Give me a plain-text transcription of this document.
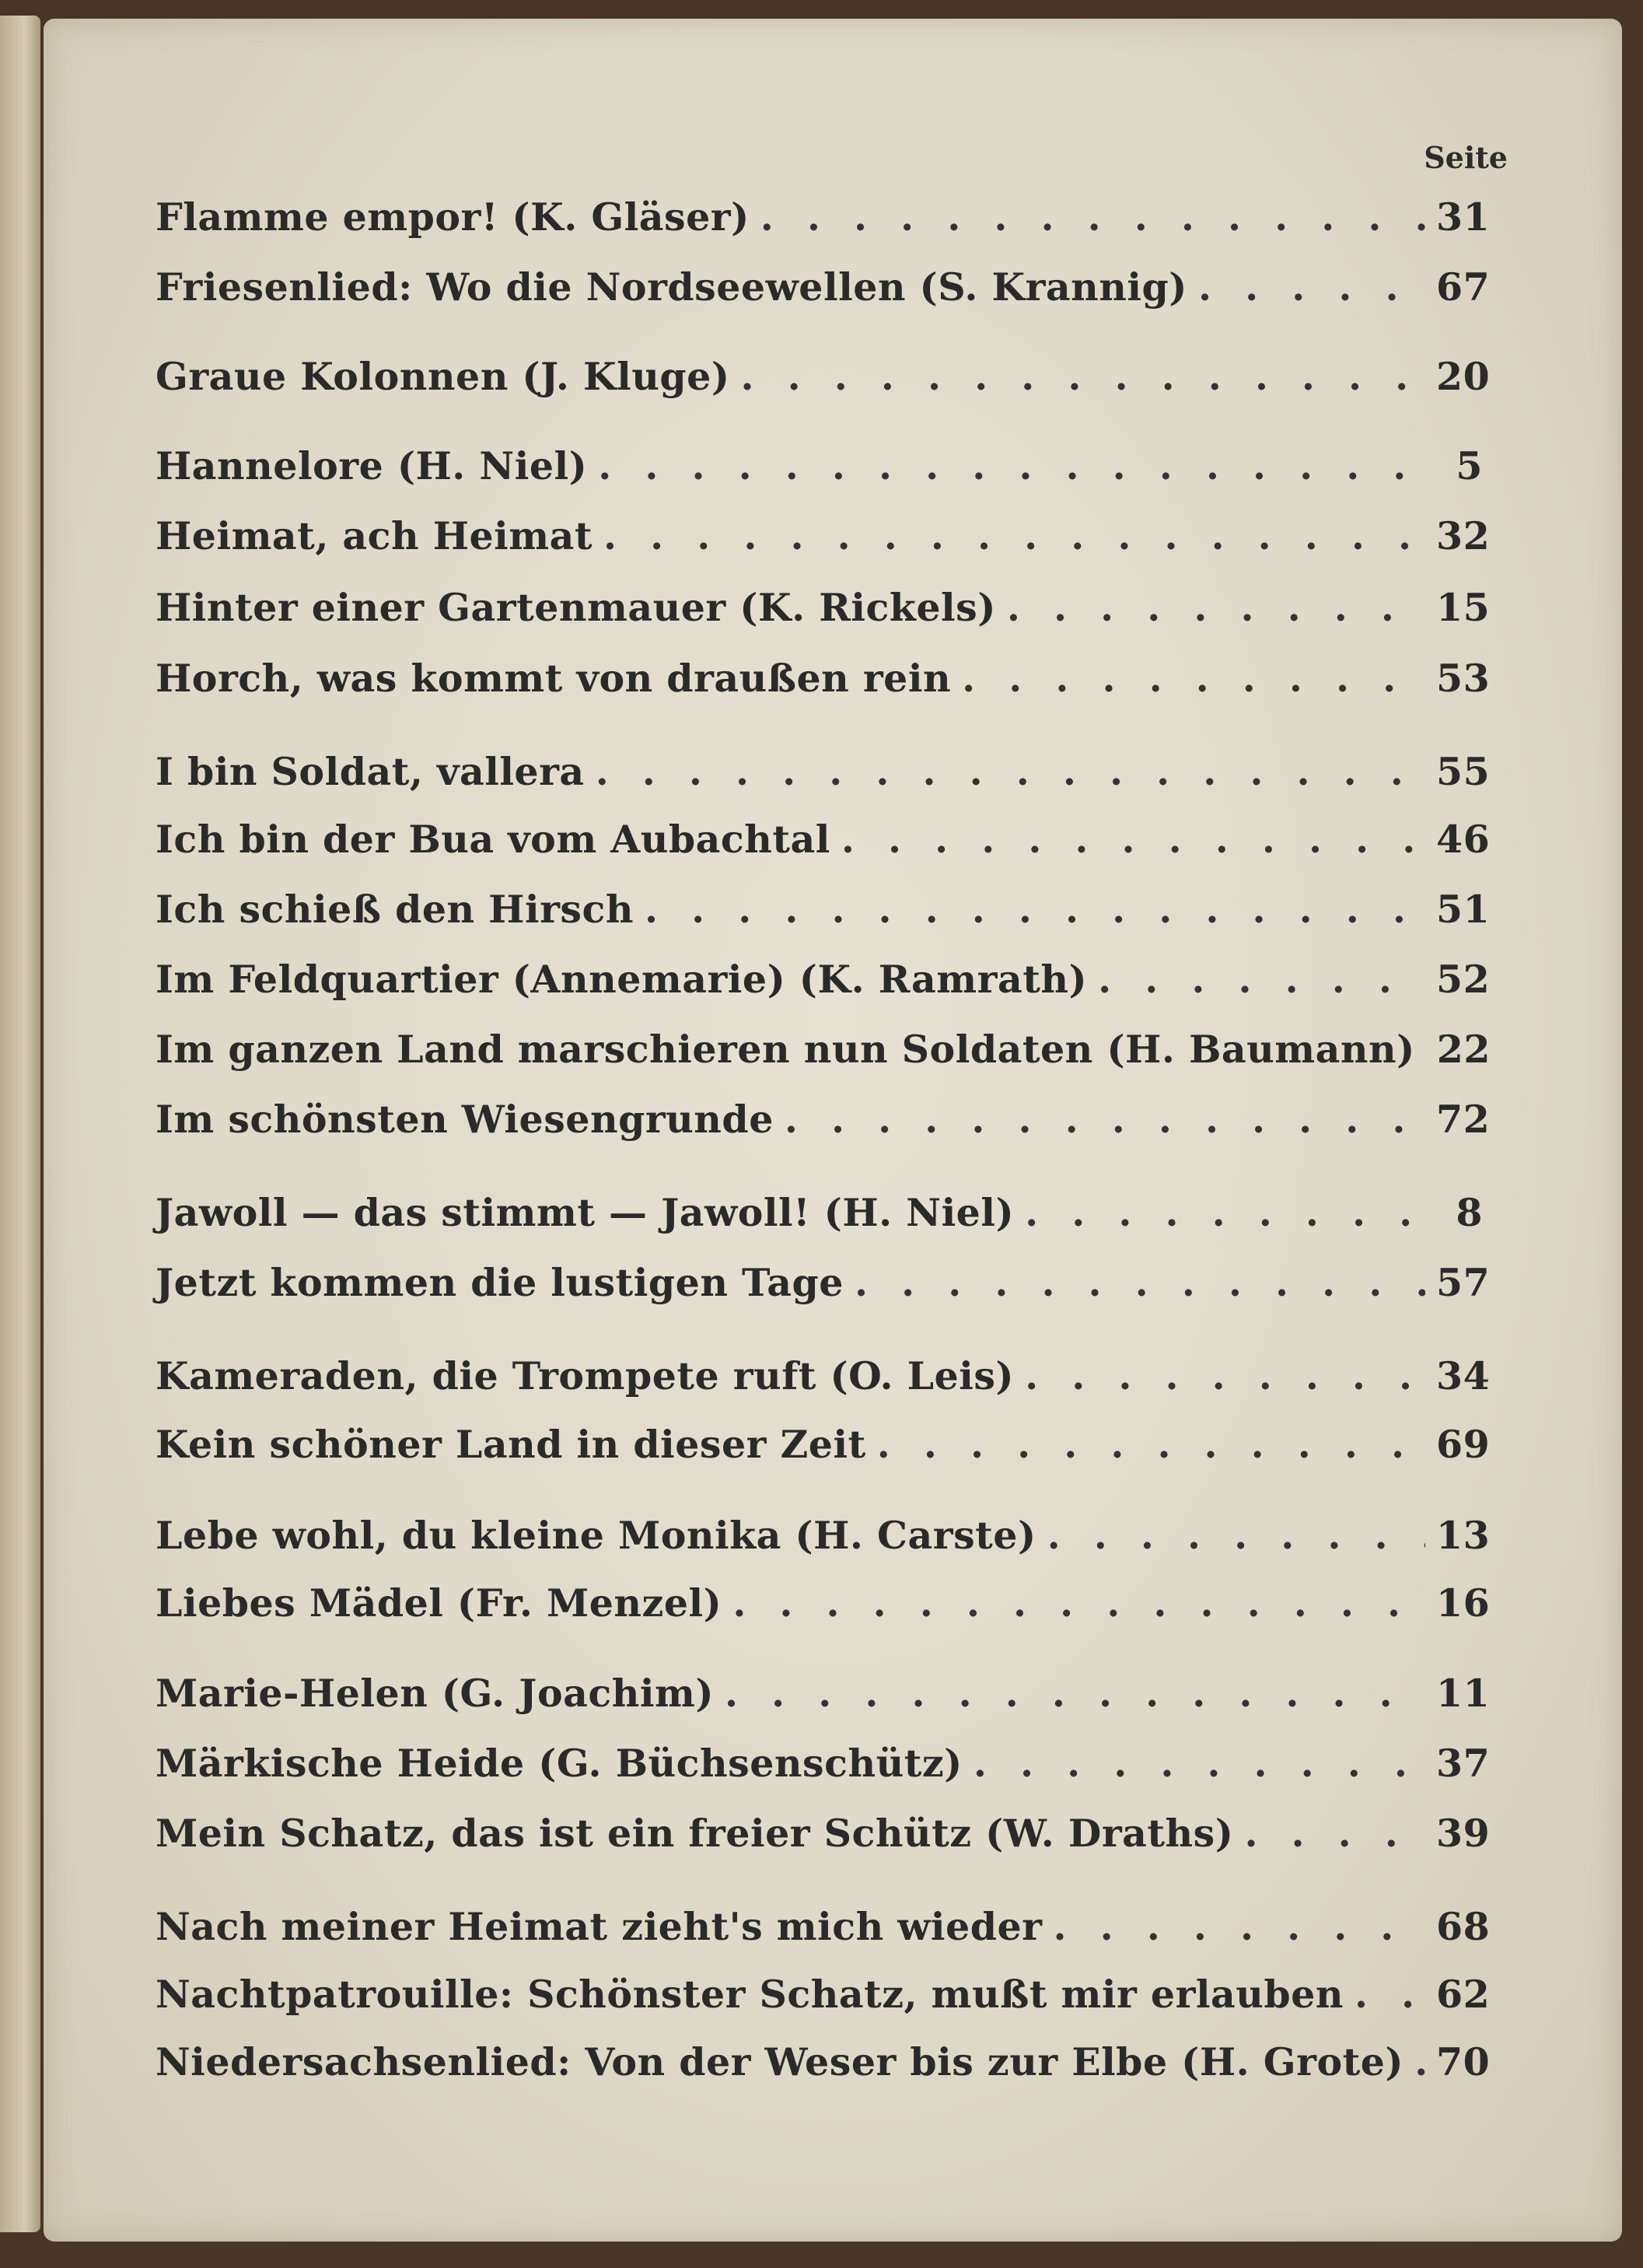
Seite
Flamme empor! (K. Gläser) . . .	31
Friesenlied: Wo die Nordseewellen (S. Krannig) . . .	67
Graue Kolonnen (J. Kluge) . . .	20
Hannelore (H. Niel) . . .	5
Heimat, ach Heimat . . .	32
Hinter einer Gartenmauer (K. Rickels) . . .	15
Horch, was kommt von draußen rein . . .	53
I bin Soldat, vallera . . .	55
Ich bin der Bua vom Aubachtal . . .	46
Ich schieß den Hirsch . . .	51
Im Feldquartier (Annemarie) (K. Ramrath) . . .	52
Im ganzen Land marschieren nun Soldaten (H. Baumann) 22
Im schönsten Wiesengrunde . . .	72
Jawoll — das stimmt — Jawoll! (H. Niel) . . .	8
Jetzt kommen die lustigen Tage . . .	57
Kameraden, die Trompete ruft (O. Leis) . . .	34
Kein schöner Land in dieser Zeit . . .	69
Lebe wohl, du kleine Monika (H. Carste) . . .	13
Liebes Mädel (Fr. Menzel) . . .	16
Marie-Helen (G. Joachim) . . .	11
Märkische Heide (G. Büchsenschütz) . . .	37
Mein Schatz, das ist ein freier Schütz (W. Draths) . . .	39
Nach meiner Heimat zieht's mich wieder . . .	68
Nachtpatrouille: Schönster Schatz, mußt mir erlauben . . . 62
Niedersachsenlied: Von der Weser bis zur Elbe (H. Grote) . . . 70
